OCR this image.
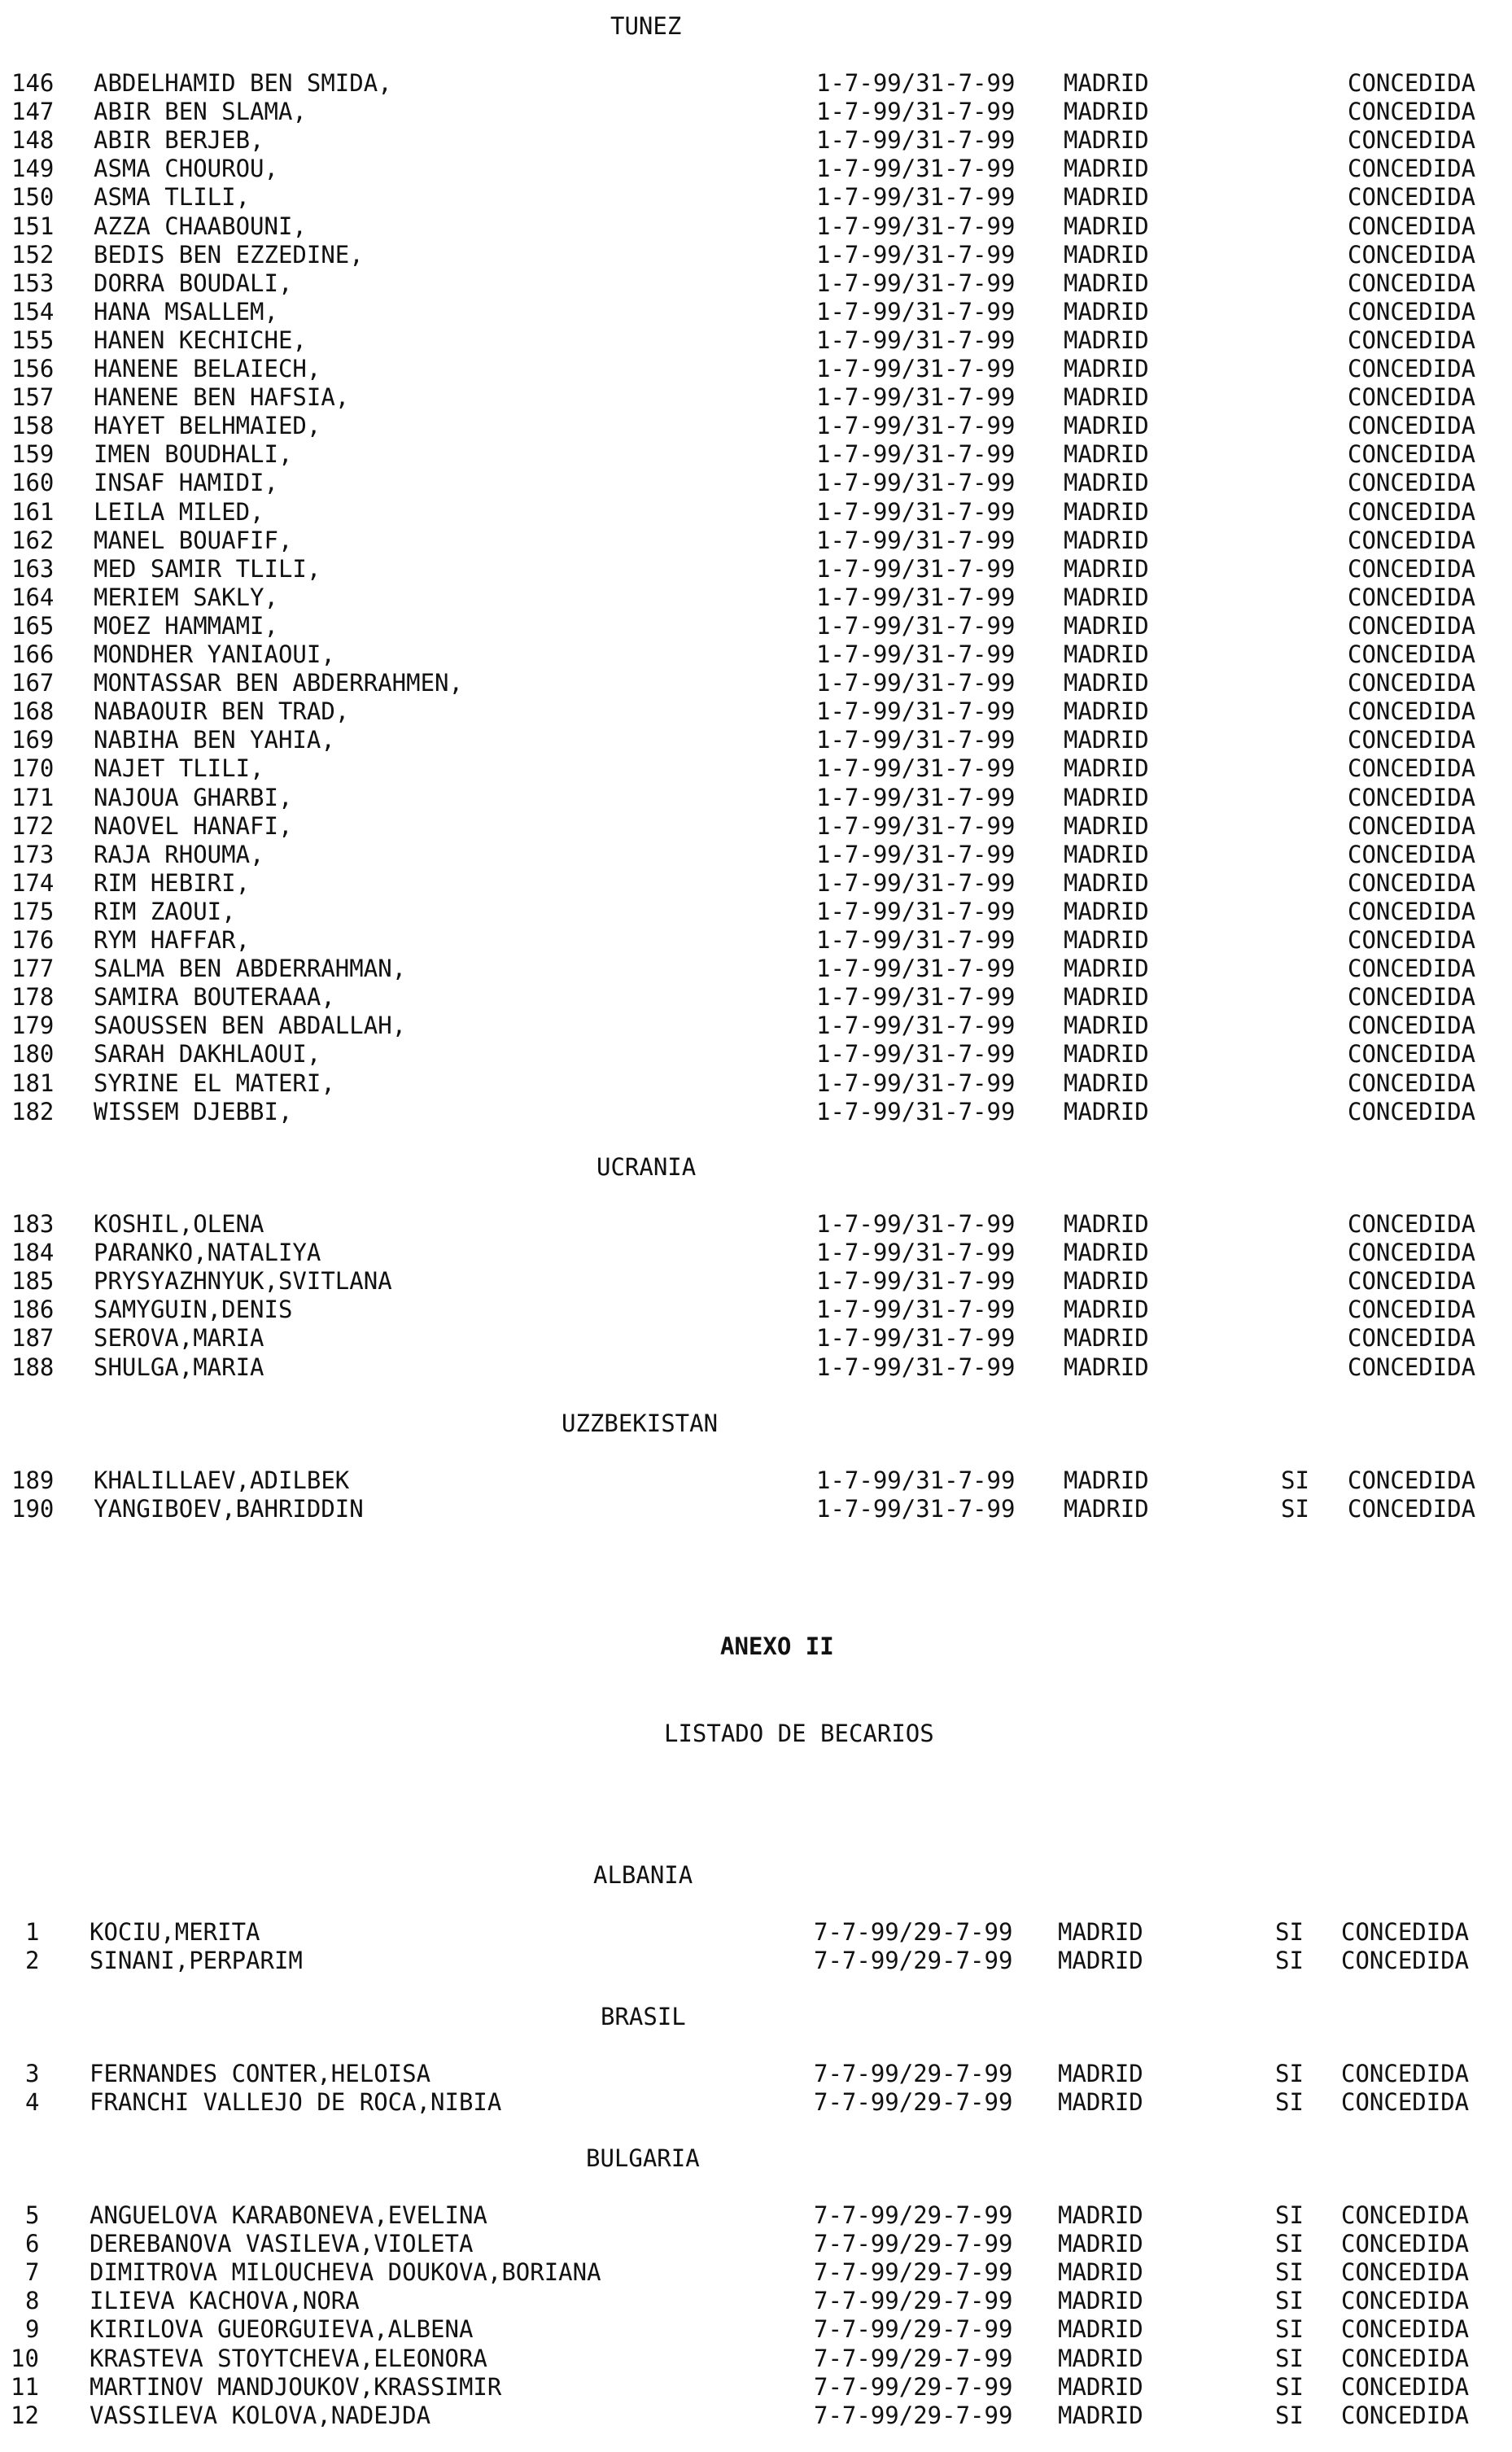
TUNEZ
146 ABDELHAMID BEN SMIDA,	1-7-99/31-7-99 MADRID	CONCEDIDA
147 ABIR BEN SLAMA,	1-7-99/31-7-99 MADRID	CONCEDIDA
148 ABIR BERJEB,	1-7-99/31-7-99 MADRID	CONCEDIDA
149 ASMA CHOUROU,	1-7-99/31-7-99 MADRID	CONCEDIDA
150 ASMA TLILI,	1-7-99/31-7-99 MADRID	CONCEDIDA
151 AZZA CHAABOUNI,	1-7-99/31-7-99 MADRID	CONCEDIDA
152 BEDIS BEN EZZEDINE,	1-7-99/31-7-99 MADRID	CONCEDIDA
153 DORRA BOUDALI,	1-7-99/31-7-99 MADRID	CONCEDIDA
154 HANA MSALLEM,	1-7-99/31-7-99 MADRID	CONCEDIDA
155 HANEN KECHICHE,	1-7-99/31-7-99 MADRID	CONCEDIDA
156 HANENE BELAIECH,	1-7-99/31-7-99 MADRID	CONCEDIDA
157 HANENE BEN HAFSIA,	1-7-99/31-7-99 MADRID	CONCEDIDA
158 HAYET BELHMAIED,	1-7-99/31-7-99 MADRID	CONCEDIDA
159 IMEN BOUDHALI,	1-7-99/31-7-99 MADRID	CONCEDIDA
160 INSAF HAMIDI,	1-7-99/31-7-99 MADRID	CONCEDIDA
161 LEILA MILED,	1-7-99/31-7-99 MADRID	CONCEDIDA
162 MANEL BOUAFIF,	1-7-99/31-7-99 MADRID	CONCEDIDA
163 MED SAMIR TLILI,	1-7-99/31-7-99 MADRID	CONCEDIDA
164 MERIEM SAKLY,	1-7-99/31-7-99 MADRID	CONCEDIDA
165 MOEZ HAMMAMI,	1-7-99/31-7-99 MADRID	CONCEDIDA
166 MONDHER YANIAOUI,	1-7-99/31-7-99 MADRID	CONCEDIDA
167 MONTASSAR BEN ABDERRAHMEN,	1-7-99/31-7-99 MADRID	CONCEDIDA
168 NABAOUIR BEN TRAD,	1-7-99/31-7-99 MADRID	CONCEDIDA
169 NABIHA BEN YAHIA,	1-7-99/31-7-99 MADRID	CONCEDIDA
170 NAJET TLILI,	1-7-99/31-7-99 MADRID	CONCEDIDA
171 NAJOUA GHARBI,	1-7-99/31-7-99 MADRID	CONCEDIDA
172 NAOVEL HANAFI,	1-7-99/31-7-99 MADRID	CONCEDIDA
173 RAJA RHOUMA,	1-7-99/31-7-99 MADRID	CONCEDIDA
174 RIM HEBIRI,	1-7-99/31-7-99 MADRID	CONCEDIDA
175 RIM ZAOUI,	1-7-99/31-7-99 MADRID	CONCEDIDA
176 RYM HAFFAR,	1-7-99/31-7-99 MADRID	CONCEDIDA
177 SALMA BEN ABDERRAHMAN,	1-7-99/31-7-99 MADRID	CONCEDIDA
178 SAMIRA BOUTERAAA,	1-7-99/31-7-99 MADRID	CONCEDIDA
179 SAOUSSEN BEN ABDALLAH,	1-7-99/31-7-99 MADRID	CONCEDIDA
180 SARAH DAKHLAOUI,	1-7-99/31-7-99 MADRID	CONCEDIDA
181 SYRINE EL MATERI,	1-7-99/31-7-99 MADRID	CONCEDIDA
182 WISSEM DJEBBI,	1-7-99/31-7-99 MADRID	CONCEDIDA
UCRANIA
183 KOSHIL,OLENA	1-7-99/31-7-99 MADRID	CONCEDIDA
184 PARANKO,NATALIYA	1-7-99/31-7-99 MADRID	CONCEDIDA
185 PRYSYAZHNYUK,SVITLANA	1-7-99/31-7-99 MADRID	CONCEDIDA
186 SAMYGUIN,DENIS	1-7-99/31-7-99 MADRID	CONCEDIDA
187 SEROVA,MARIA	1-7-99/31-7-99 MADRID	CONCEDIDA
188 SHULGA,MARIA	1-7-99/31-7-99 MADRID	CONCEDIDA
UZZBEKISTAN
189 KHALILLAEV,ADILBEK	1-7-99/31-7-99 MADRID	SI CONCEDIDA
190 YANGIBOEV,BAHRIDDIN	1-7-99/31-7-99 MADRID	SI CONCEDIDA
ANEXO II
LISTADO DE BECARIOS
ALBANIA
1 KOCIU,MERITA	7-7-99/29-7-99 MADRID	SI CONCEDIDA
2 SINANI,PERPARIM	7-7-99/29-7-99 MADRID	SI CONCEDIDA
BRASIL
3 FERNANDES CONTER,HELOISA	7-7-99/29-7-99 MADRID	SI CONCEDIDA
4 FRANCHI VALLEJO DE ROCA,NIBIA	7-7-99/29-7-99 MADRID	SI CONCEDIDA
BULGARIA
5 ANGUELOVA KARABONEVA,EVELINA	7-7-99/29-7-99 MADRID	SI CONCEDIDA
6 DEREBANOVA VASILEVA,VIOLETA	7-7-99/29-7-99 MADRID	SI CONCEDIDA
7 DIMITROVA MILOUCHEVA DOUKOVA,BORIANA	7-7-99/29-7-99 MADRID	SI CONCEDIDA
8 ILIEVA KACHOVA,NORA	7-7-99/29-7-99 MADRID	SI CONCEDIDA
9 KIRILOVA GUEORGUIEVA,ALBENA	7-7-99/29-7-99 MADRID	SI CONCEDIDA
10 KRASTEVA STOYTCHEVA,ELEONORA	7-7-99/29-7-99 MADRID	SI CONCEDIDA
11 MARTINOV MANDJOUKOV,KRASSIMIR	7-7-99/29-7-99 MADRID	SI CONCEDIDA
12 VASSILEVA KOLOVA,NADEJDA	7-7-99/29-7-99 MADRID	SI CONCEDIDA
